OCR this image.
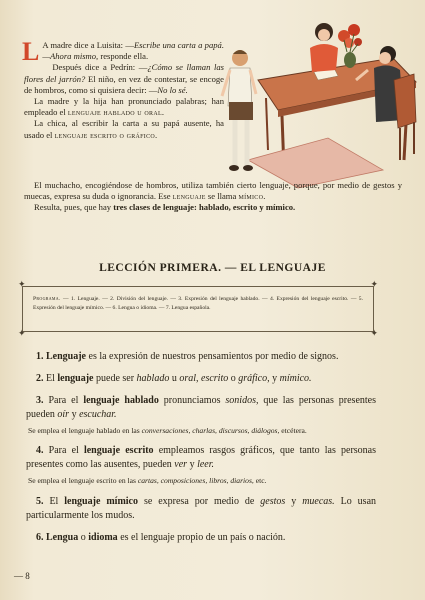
L A madre dice a Luisita: —Escribe una carta a papá. —Ahora mismo, responde ella.

Después dice a Pedrín: —¿Cómo se llaman las flores del jarrón? El niño, en vez de contestar, se encoge de hombros, como si quisiera decir: —No lo sé.

La madre y la hija han pronunciado palabras; han empleado el lenguaje hablado u oral.

La chica, al escribir la carta a su papá ausente, ha usado el lenguaje escrito o gráfico.

El muchacho, encogiéndose de hombros, utiliza también cierto lenguaje, porque, por medio de gestos y muecas, expresa su duda o ignorancia. Ese lenguaje se llama mímico.

Resulta, pues, que hay tres clases de lenguaje: hablado, escrito y mímico.

LECCIÓN PRIMERA. — EL LENGUAJE
✦	✦
✦	✦
Programa. — 1. Lenguaje. — 2. División del lenguaje. — 3. Expresión del lenguaje hablado. — 4. Expresión del lenguaje escrito. — 5. Expresión del lenguaje mímico. — 6. Lengua o idioma. — 7. Lengua española.

1. Lenguaje es la expresión de nuestros pensamientos por medio de signos.

2. El lenguaje puede ser hablado u oral, escrito o gráfico, y mímico.

3. Para el lenguaje hablado pronunciamos sonidos, que las personas presentes pueden oír y escuchar.

Se emplea el lenguaje hablado en las conversaciones, charlas, discursos, diálogos, etcétera.

4. Para el lenguaje escrito empleamos rasgos gráficos, que tanto las personas presentes como las ausentes, pueden ver y leer.

Se emplea el lenguaje escrito en las cartas, composiciones, libros, diarios, etc.

5. El lenguaje mímico se expresa por medio de gestos y muecas. Lo usan particularmente los mudos.

6. Lengua o idioma es el lenguaje propio de un país o nación.

— 8
